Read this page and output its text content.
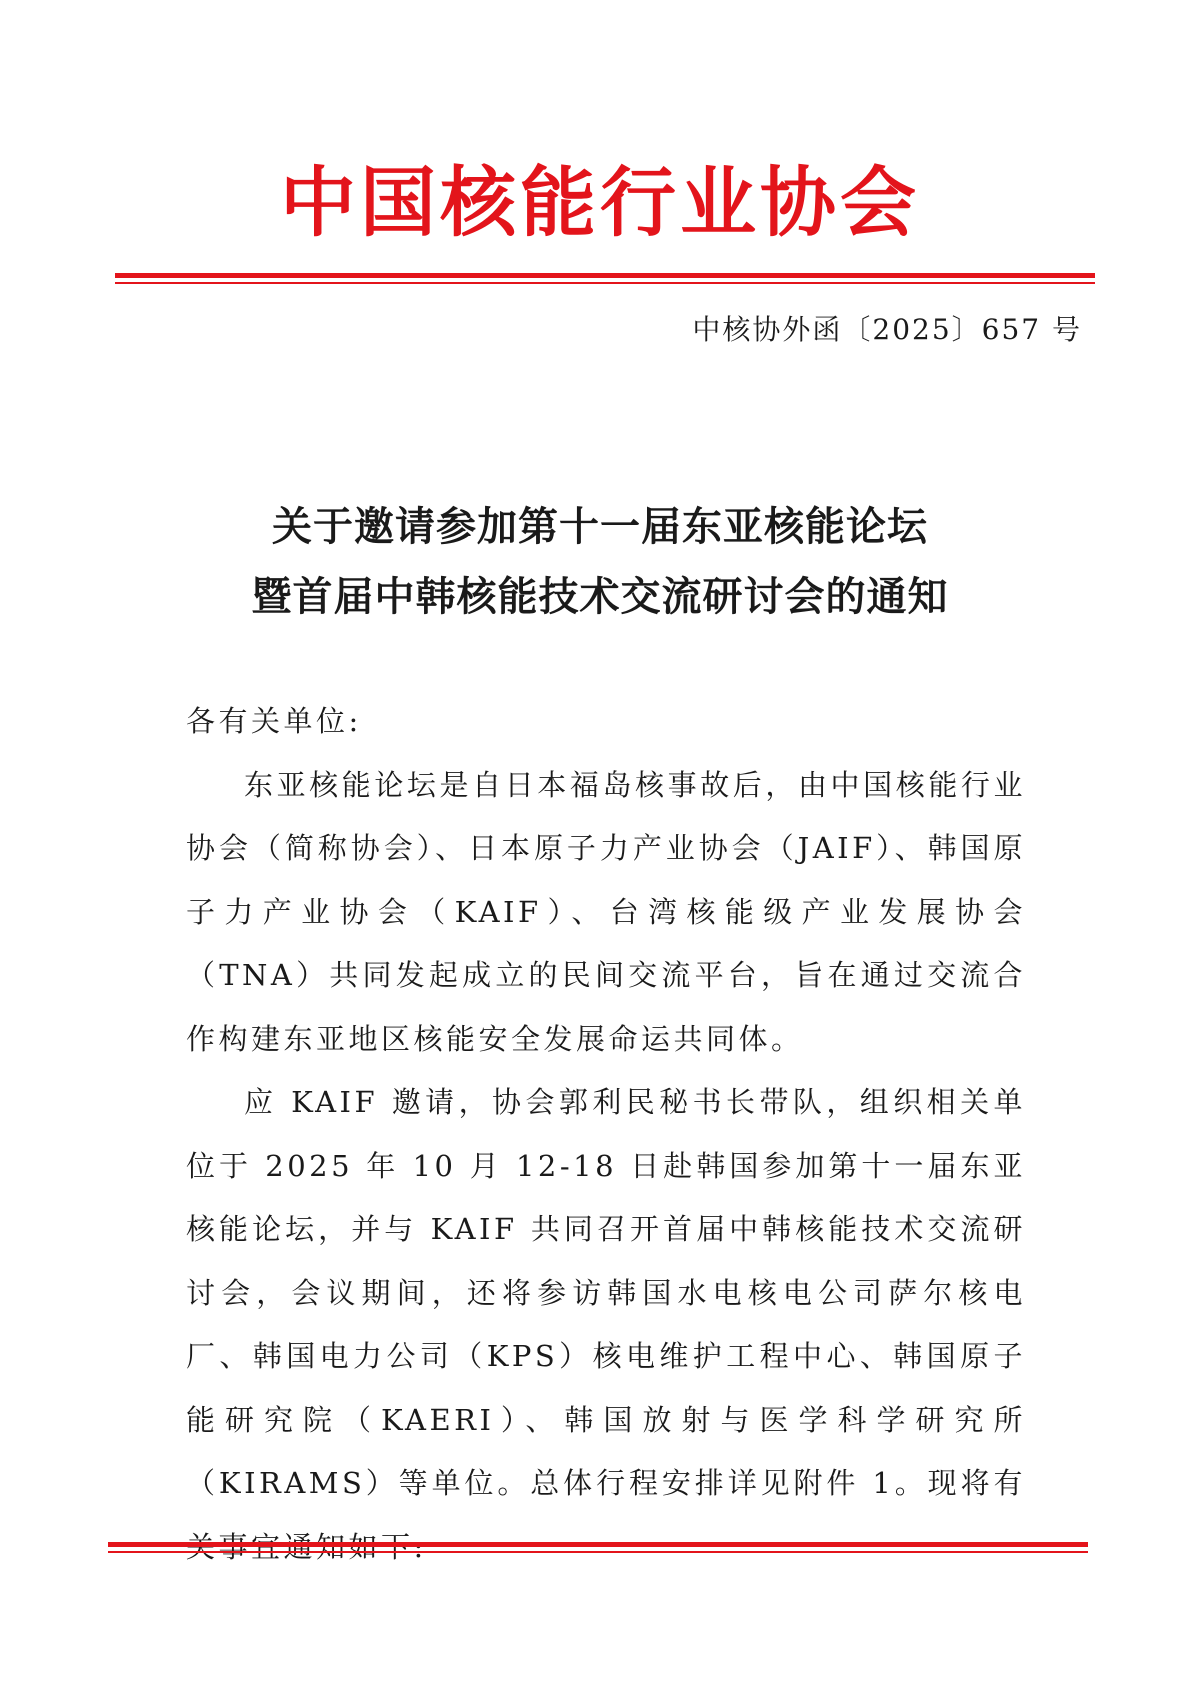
中国核能行业协会
中核协外函〔2025〕657 号
关于邀请参加第十一届东亚核能论坛
暨首届中韩核能技术交流研讨会的通知

各有关单位:

东亚核能论坛是自日本福岛核事故后，由中国核能行业协会（简称协会）、日本原子力产业协会（JAIF）、韩国原子力产业协会（KAIF）、台湾核能级产业发展协会（TNA）共同发起成立的民间交流平台，旨在通过交流合作构建东亚地区核能安全发展命运共同体。

应 KAIF 邀请，协会郭利民秘书长带队，组织相关单位于 2025 年 10 月 12-18 日赴韩国参加第十一届东亚核能论坛，并与 KAIF 共同召开首届中韩核能技术交流研讨会，会议期间，还将参访韩国水电核电公司萨尔核电厂、韩国电力公司（KPS）核电维护工程中心、韩国原子能研究院（KAERI）、韩国放射与医学科学研究所（KIRAMS）等单位。总体行程安排详见附件 1。现将有
